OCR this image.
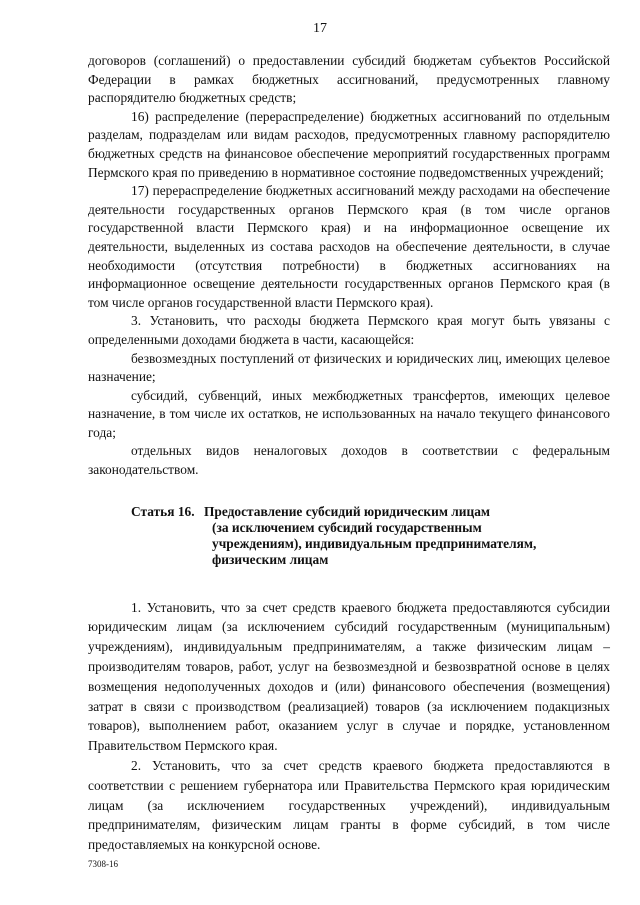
17

договоров (соглашений) о предоставлении субсидий бюджетам субъектов Российской Федерации в рамках бюджетных ассигнований, предусмотренных главному распорядителю бюджетных средств;

16) распределение (перераспределение) бюджетных ассигнований по отдельным разделам, подразделам или видам расходов, предусмотренных главному распорядителю бюджетных средств на финансовое обеспечение мероприятий государственных программ Пермского края по приведению в нормативное состояние подведомственных учреждений;

17) перераспределение бюджетных ассигнований между расходами на обеспечение деятельности государственных органов Пермского края (в том числе органов государственной власти Пермского края) и на информационное освещение их деятельности, выделенных из состава расходов на обеспечение деятельности, в случае необходимости (отсутствия потребности) в бюджетных ассигнованиях на информационное освещение деятельности государственных органов Пермского края (в том числе органов государственной власти Пермского края).

3. Установить, что расходы бюджета Пермского края могут быть увязаны с определенными доходами бюджета в части, касающейся:

безвозмездных поступлений от физических и юридических лиц, имеющих целевое назначение;

субсидий, субвенций, иных межбюджетных трансфертов, имеющих целевое назначение, в том числе их остатков, не использованных на начало текущего финансового года;

отдельных видов неналоговых доходов в соответствии с федеральным законодательством.

Статья 16. Предоставление субсидий юридическим лицам
(за исключением субсидий государственным
учреждениям), индивидуальным предпринимателям,
физическим лицам

1. Установить, что за счет средств краевого бюджета предоставляются субсидии юридическим лицам (за исключением субсидий государственным (муниципальным) учреждениям), индивидуальным предпринимателям, а также физическим лицам – производителям товаров, работ, услуг на безвозмездной и безвозвратной основе в целях возмещения недополученных доходов и (или) финансового обеспечения (возмещения) затрат в связи с производством (реализацией) товаров (за исключением подакцизных товаров), выполнением работ, оказанием услуг в случае и порядке, установленном Правительством Пермского края.

2. Установить, что за счет средств краевого бюджета предоставляются в соответствии с решением губернатора или Правительства Пермского края юридическим лицам (за исключением государственных учреждений), индивидуальным предпринимателям, физическим лицам гранты в форме субсидий, в том числе предоставляемых на конкурсной основе.

7308-16
